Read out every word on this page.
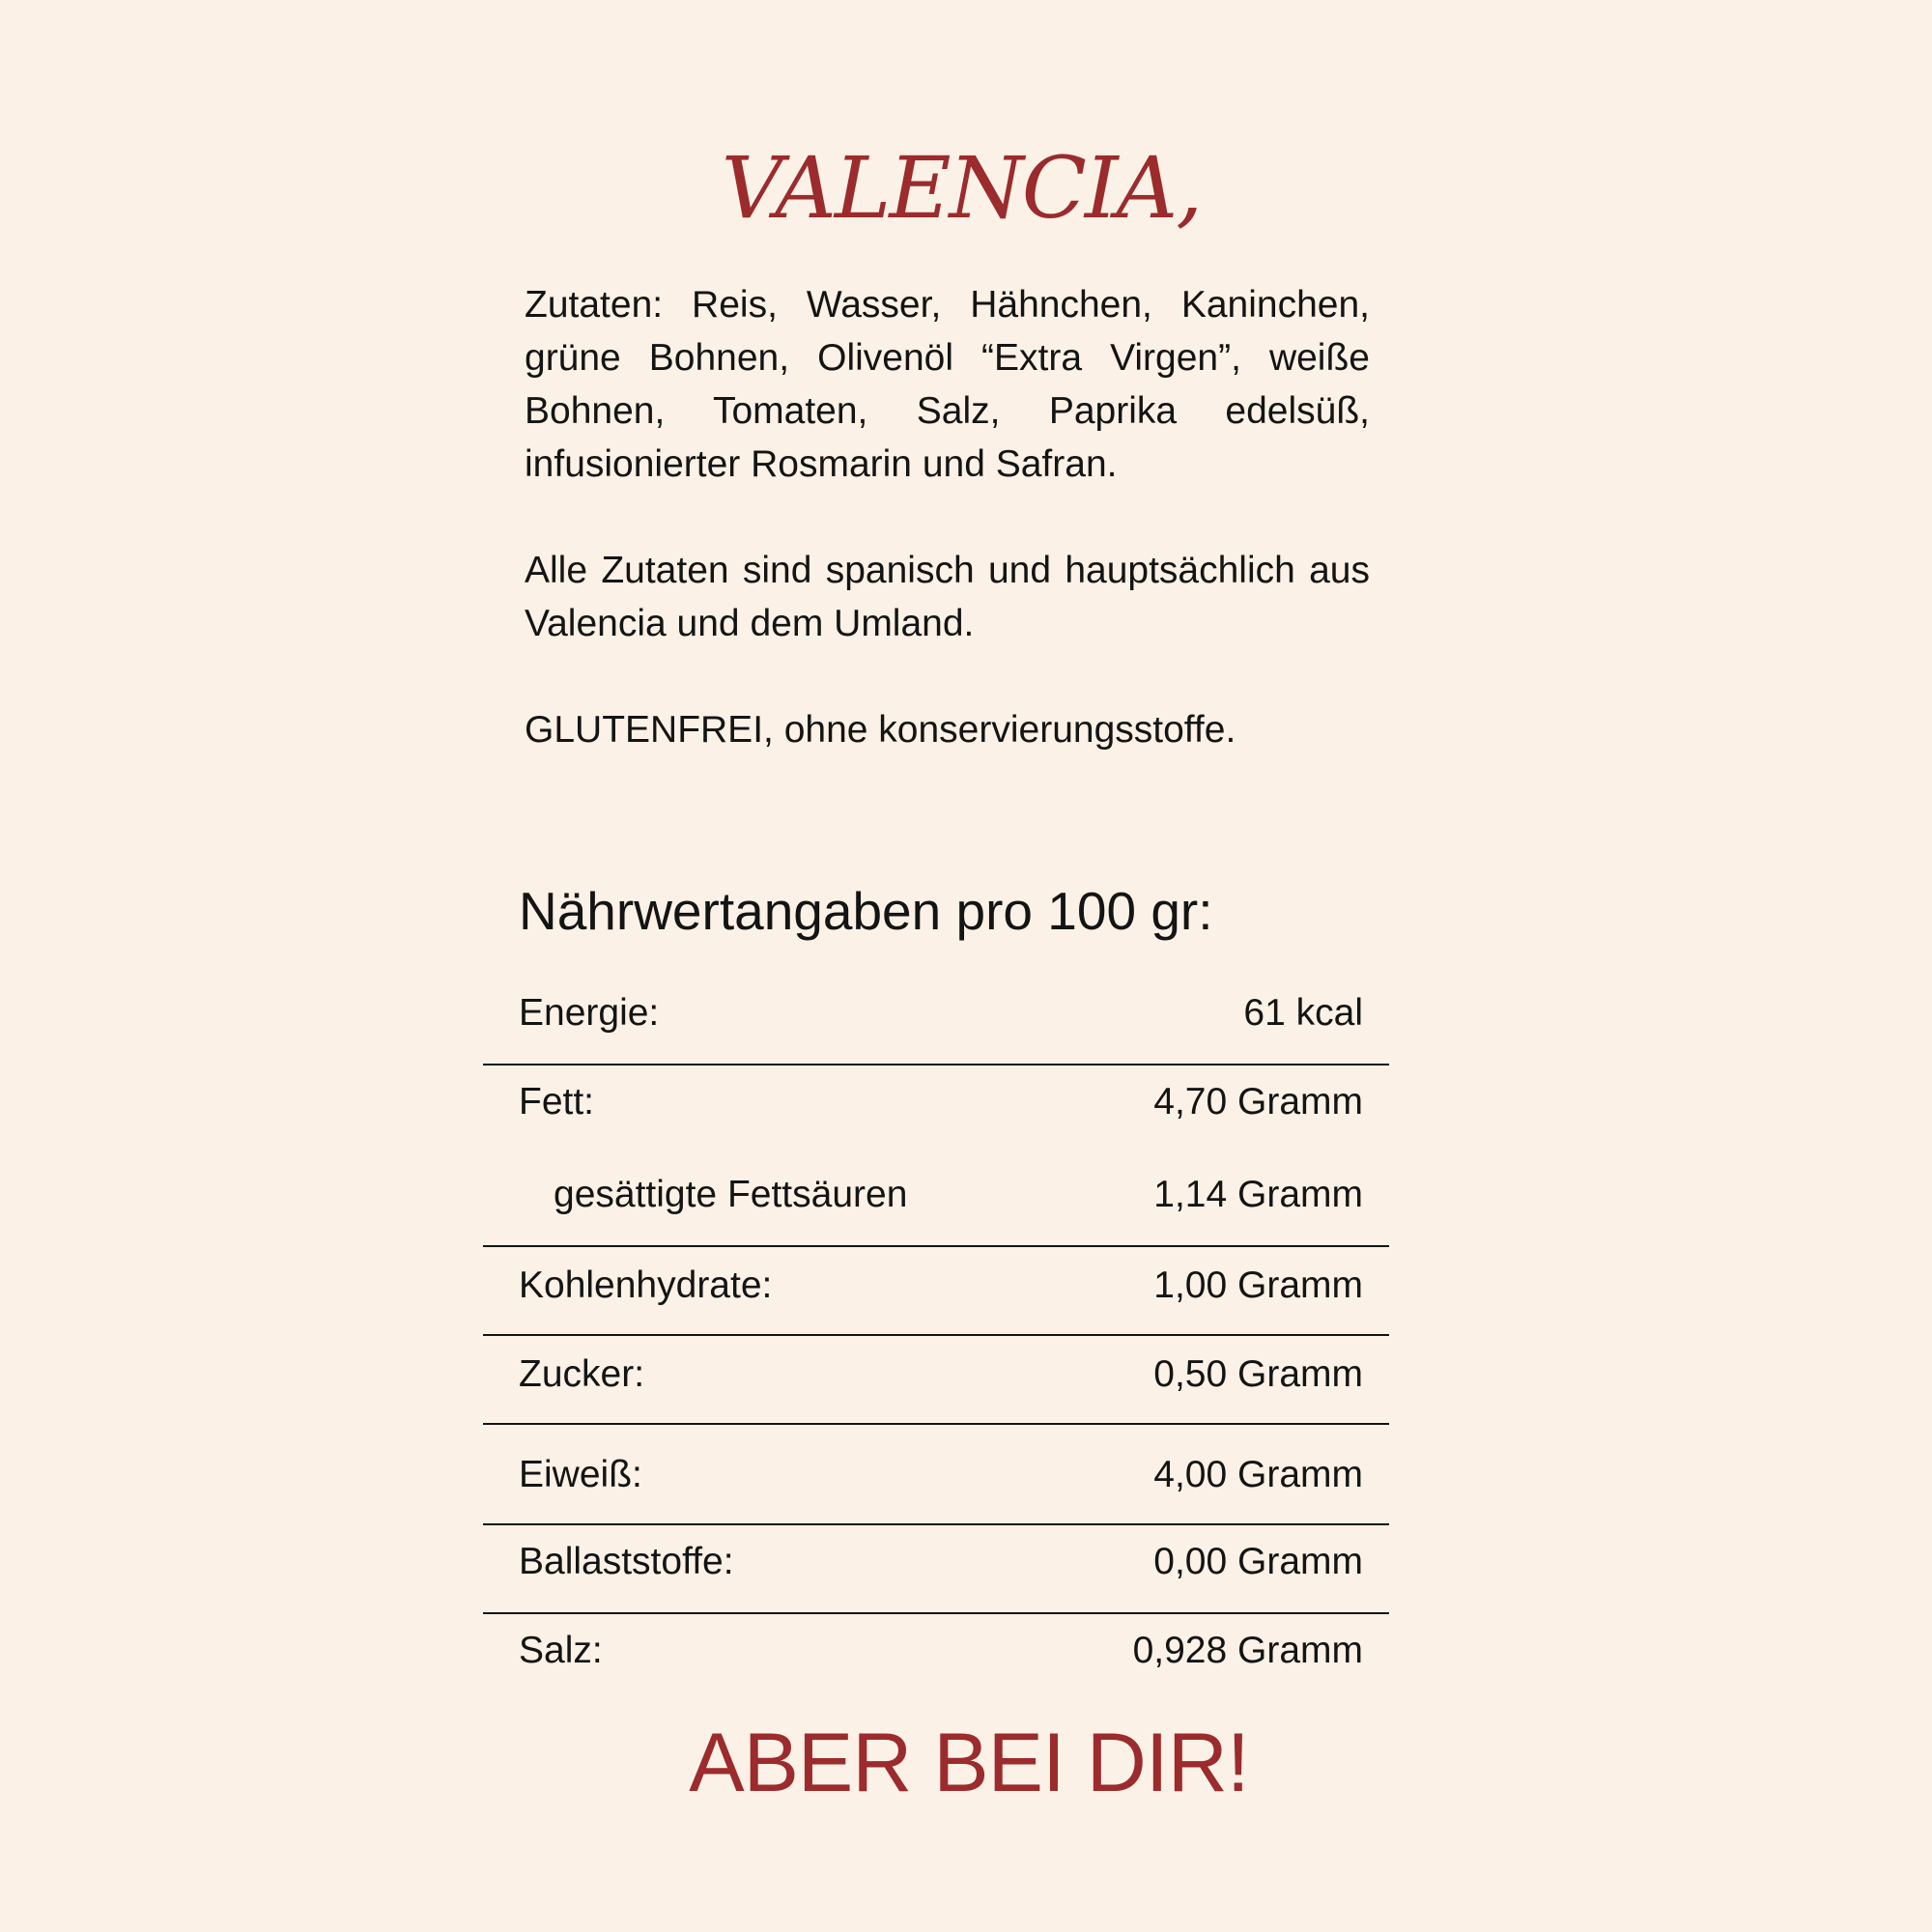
VALENCIA,

Zutaten: Reis, Wasser, Hähnchen, Kaninchen, grüne Bohnen, Olivenöl “Extra Virgen”, weiße Bohnen, Tomaten, Salz, Paprika edelsüß, infusionierter Rosmarin und Safran.

Alle Zutaten sind spanisch und hauptsächlich aus Valencia und dem Umland.

GLUTENFREI, ohne konservierungsstoffe.

Nährwertangaben pro 100 gr:
Energie:	61 kcal
Fett:	4,70 Gramm
gesättigte Fettsäuren	1,14 Gramm
Kohlenhydrate:	1,00 Gramm
Zucker:	0,50 Gramm
Eiweiß:	4,00 Gramm
Ballaststoffe:	0,00 Gramm
Salz:	0,928 Gramm
ABER BEI DIR!
